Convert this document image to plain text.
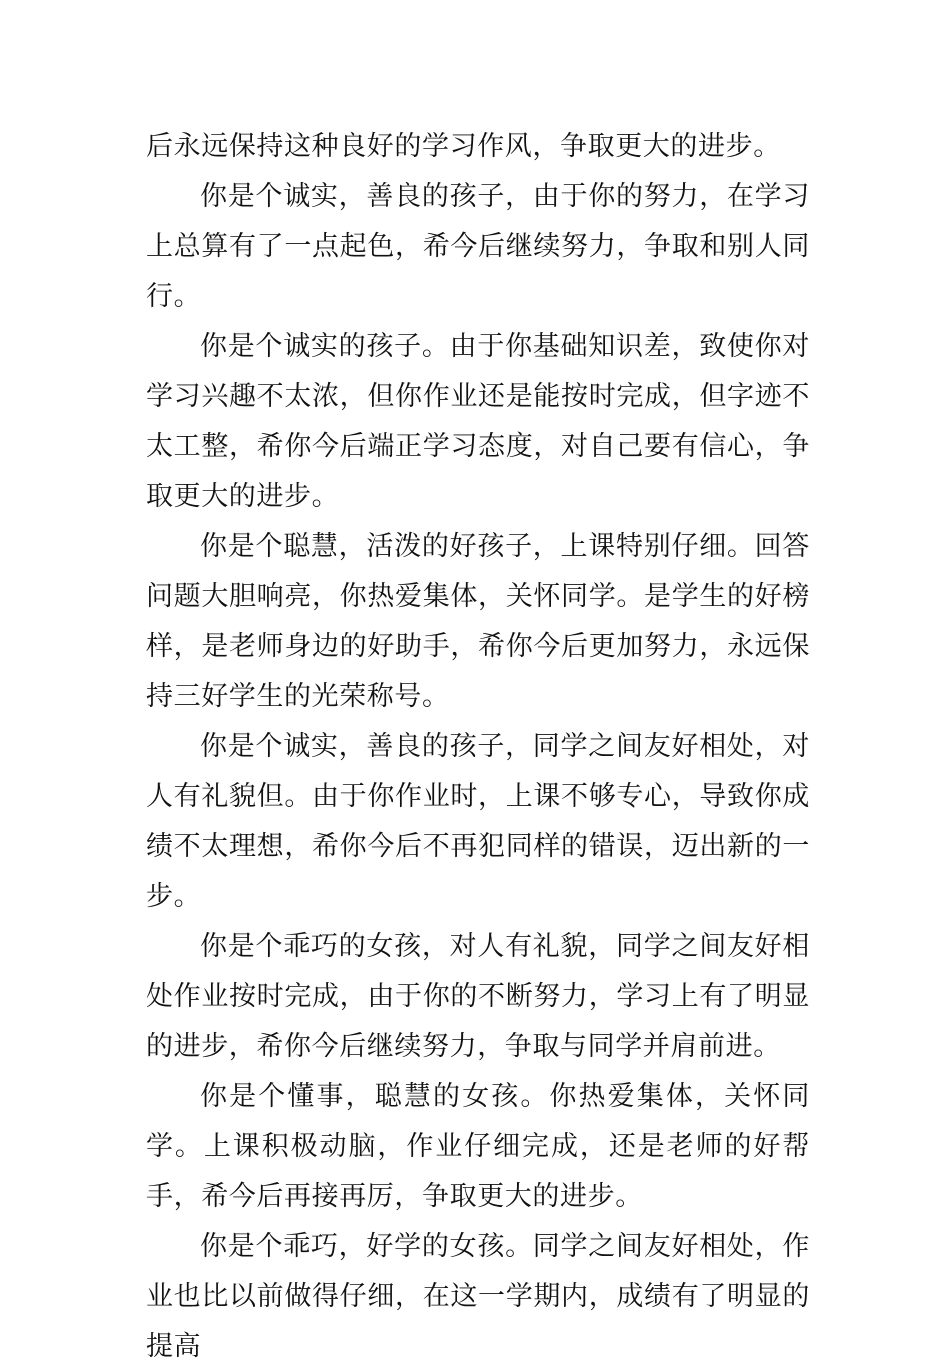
后永远保持这种良好的学习作风，争取更大的进步。

你是个诚实，善良的孩子，由于你的努力，在学习上总算有了一点起色，希今后继续努力，争取和别人同行。

你是个诚实的孩子。由于你基础知识差，致使你对学习兴趣不太浓，但你作业还是能按时完成，但字迹不太工整，希你今后端正学习态度，对自己要有信心，争取更大的进步。

你是个聪慧，活泼的好孩子，上课特别仔细。回答问题大胆响亮，你热爱集体，关怀同学。是学生的好榜样，是老师身边的好助手，希你今后更加努力，永远保持三好学生的光荣称号。

你是个诚实，善良的孩子，同学之间友好相处，对人有礼貌但。由于你作业时，上课不够专心，导致你成绩不太理想，希你今后不再犯同样的错误，迈出新的一步。

你是个乖巧的女孩，对人有礼貌，同学之间友好相处作业按时完成，由于你的不断努力，学习上有了明显的进步，希你今后继续努力，争取与同学并肩前进。

你是个懂事，聪慧的女孩。你热爱集体，关怀同学。上课积极动脑，作业仔细完成，还是老师的好帮手，希今后再接再厉，争取更大的进步。

你是个乖巧，好学的女孩。同学之间友好相处，作业也比以前做得仔细，在这一学期内，成绩有了明显的提高
